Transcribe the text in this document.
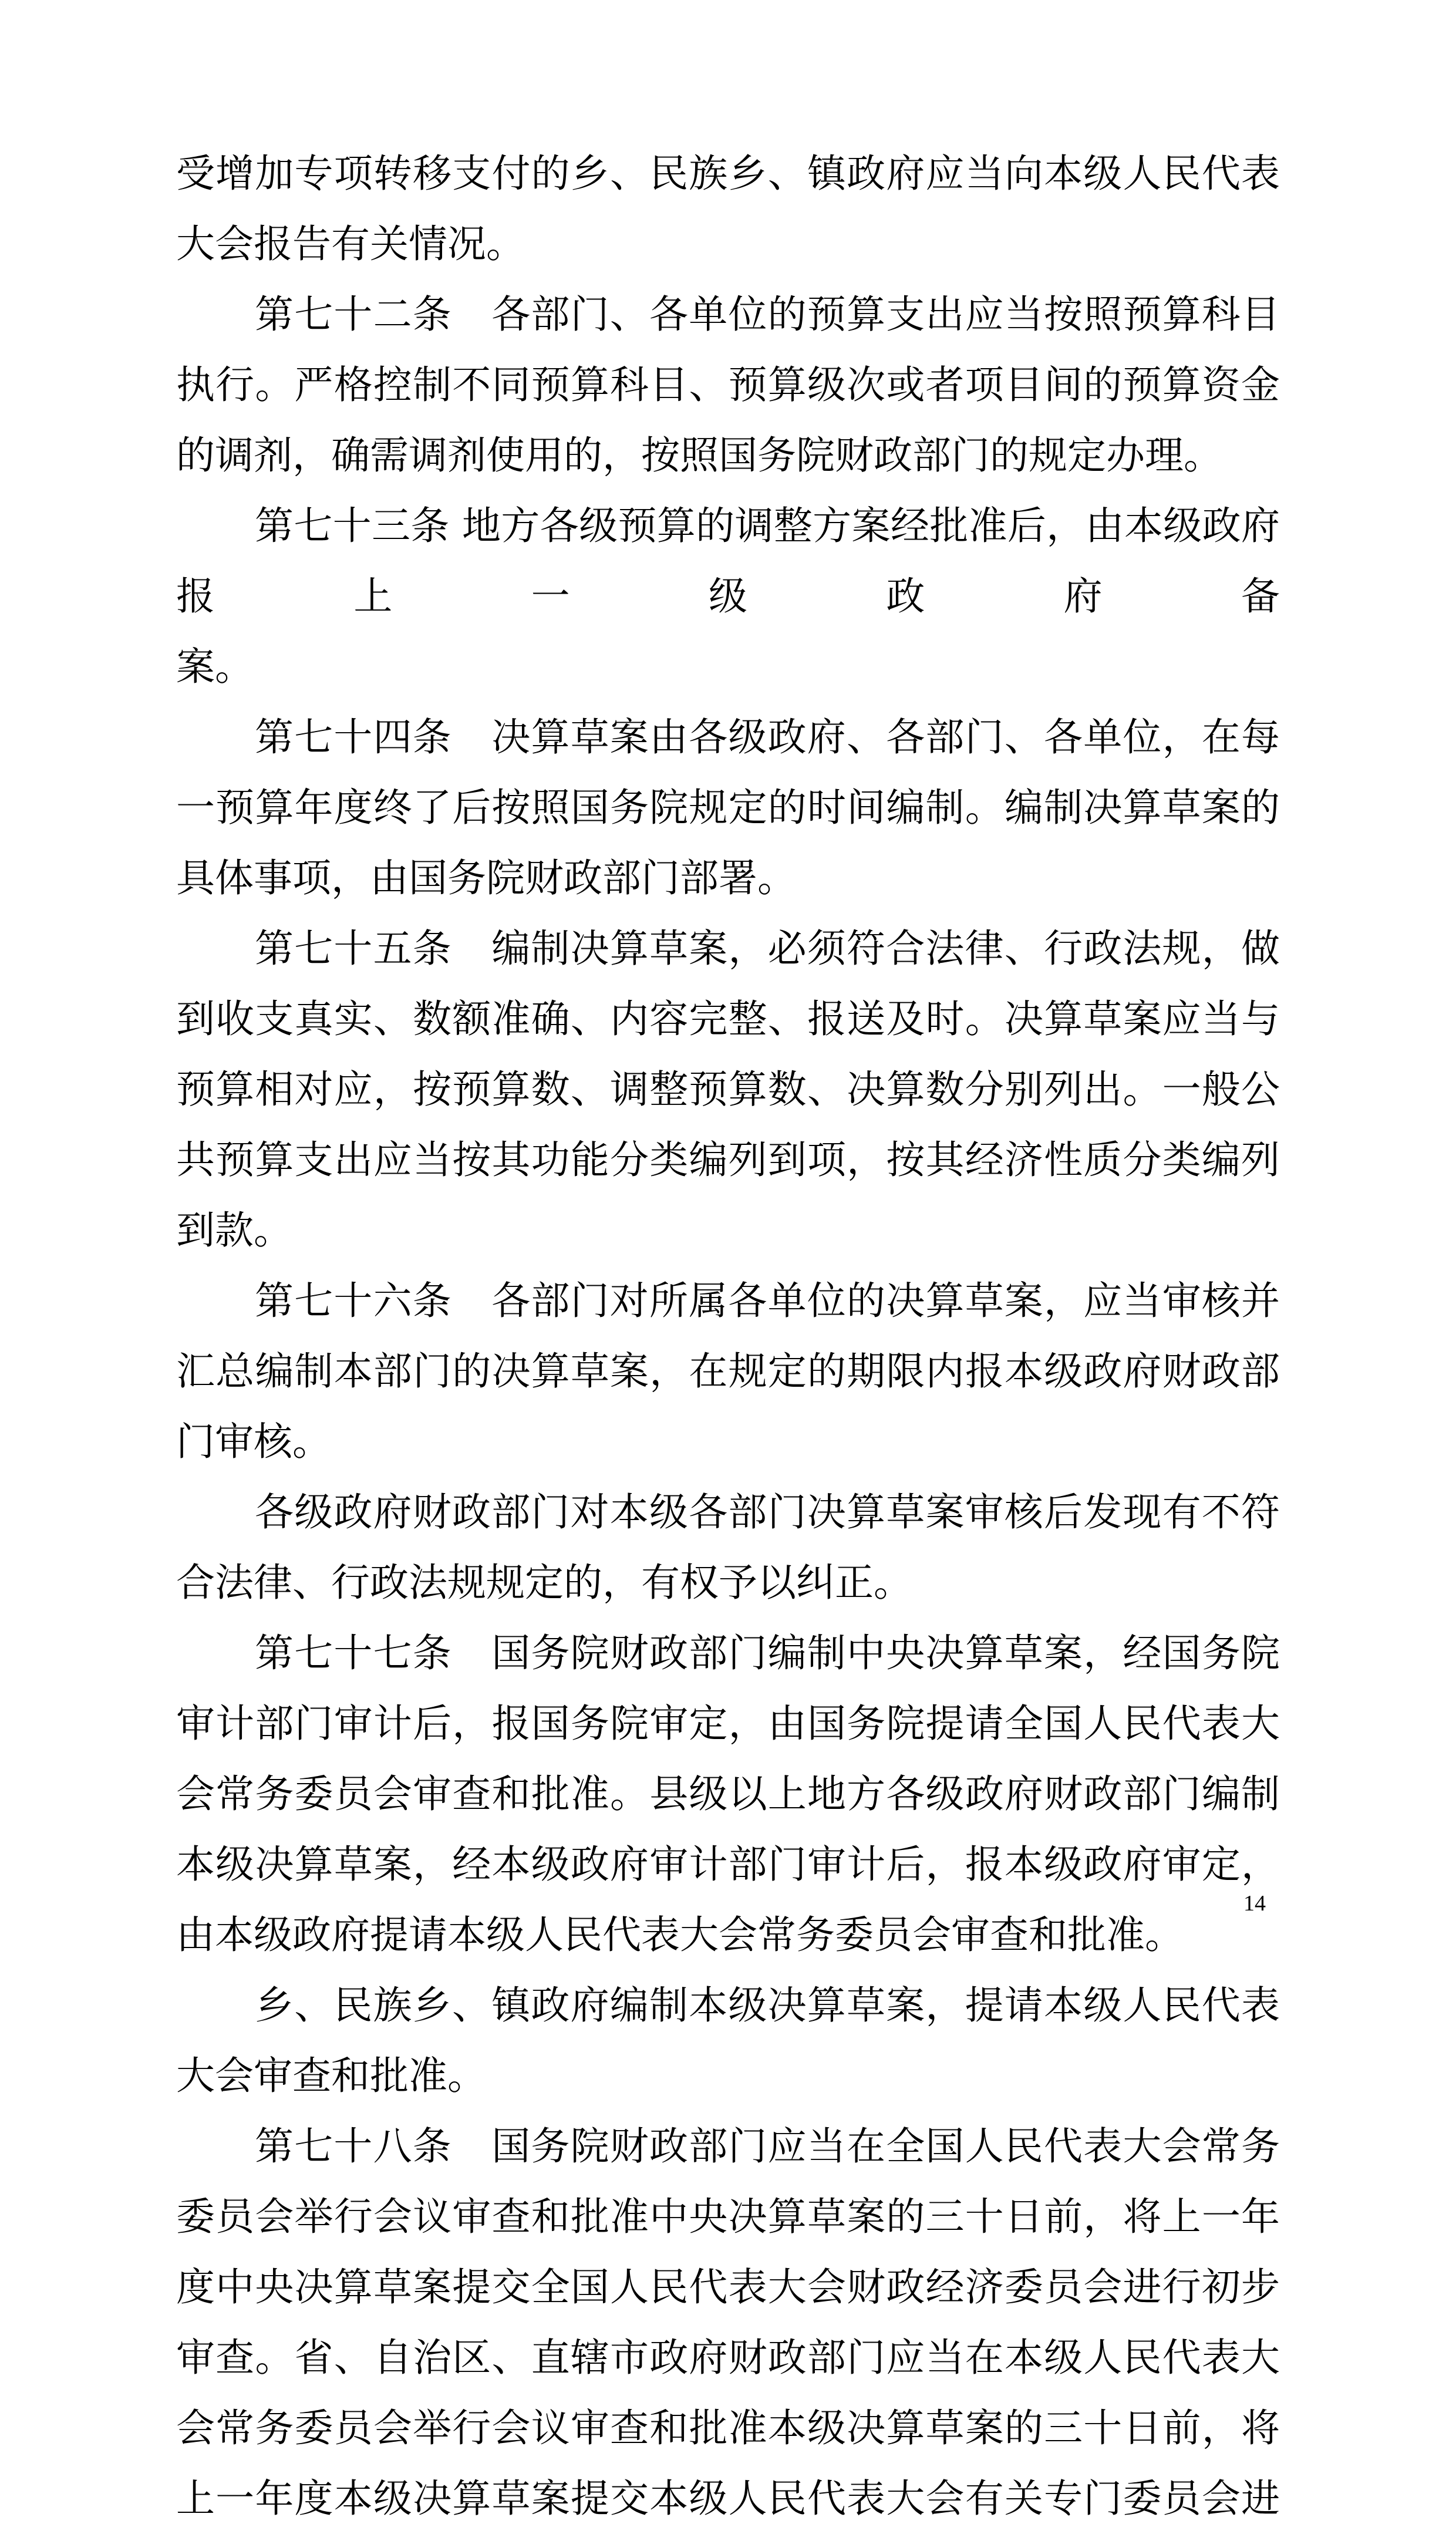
受增加专项转移支付的乡、民族乡、镇政府应当向本级人民代表
大会报告有关情况。
第七十二条　各部门、各单位的预算支出应当按照预算科目
执行。严格控制不同预算科目、预算级次或者项目间的预算资金
的调剂，确需调剂使用的，按照国务院财政部门的规定办理。
第七十三条 地方各级预算的调整方案经批准后，由本级政府
报	上	一	级	政	府	备
案。
第七十四条　决算草案由各级政府、各部门、各单位，在每
一预算年度终了后按照国务院规定的时间编制。编制决算草案的
具体事项，由国务院财政部门部署。
第七十五条　编制决算草案，必须符合法律、行政法规，做
到收支真实、数额准确、内容完整、报送及时。决算草案应当与
预算相对应，按预算数、调整预算数、决算数分别列出。一般公
共预算支出应当按其功能分类编列到项，按其经济性质分类编列
到款。
第七十六条　各部门对所属各单位的决算草案，应当审核并
汇总编制本部门的决算草案，在规定的期限内报本级政府财政部
门审核。
各级政府财政部门对本级各部门决算草案审核后发现有不符
合法律、行政法规规定的，有权予以纠正。
第七十七条　国务院财政部门编制中央决算草案，经国务院
审计部门审计后，报国务院审定，由国务院提请全国人民代表大
会常务委员会审查和批准。县级以上地方各级政府财政部门编制
本级决算草案，经本级政府审计部门审计后，报本级政府审定，
由本级政府提请本级人民代表大会常务委员会审查和批准。
乡、民族乡、镇政府编制本级决算草案，提请本级人民代表
大会审查和批准。
第七十八条　国务院财政部门应当在全国人民代表大会常务
委员会举行会议审查和批准中央决算草案的三十日前，将上一年
度中央决算草案提交全国人民代表大会财政经济委员会进行初步
审查。省、自治区、直辖市政府财政部门应当在本级人民代表大
会常务委员会举行会议审查和批准本级决算草案的三十日前，将
上一年度本级决算草案提交本级人民代表大会有关专门委员会进
14
